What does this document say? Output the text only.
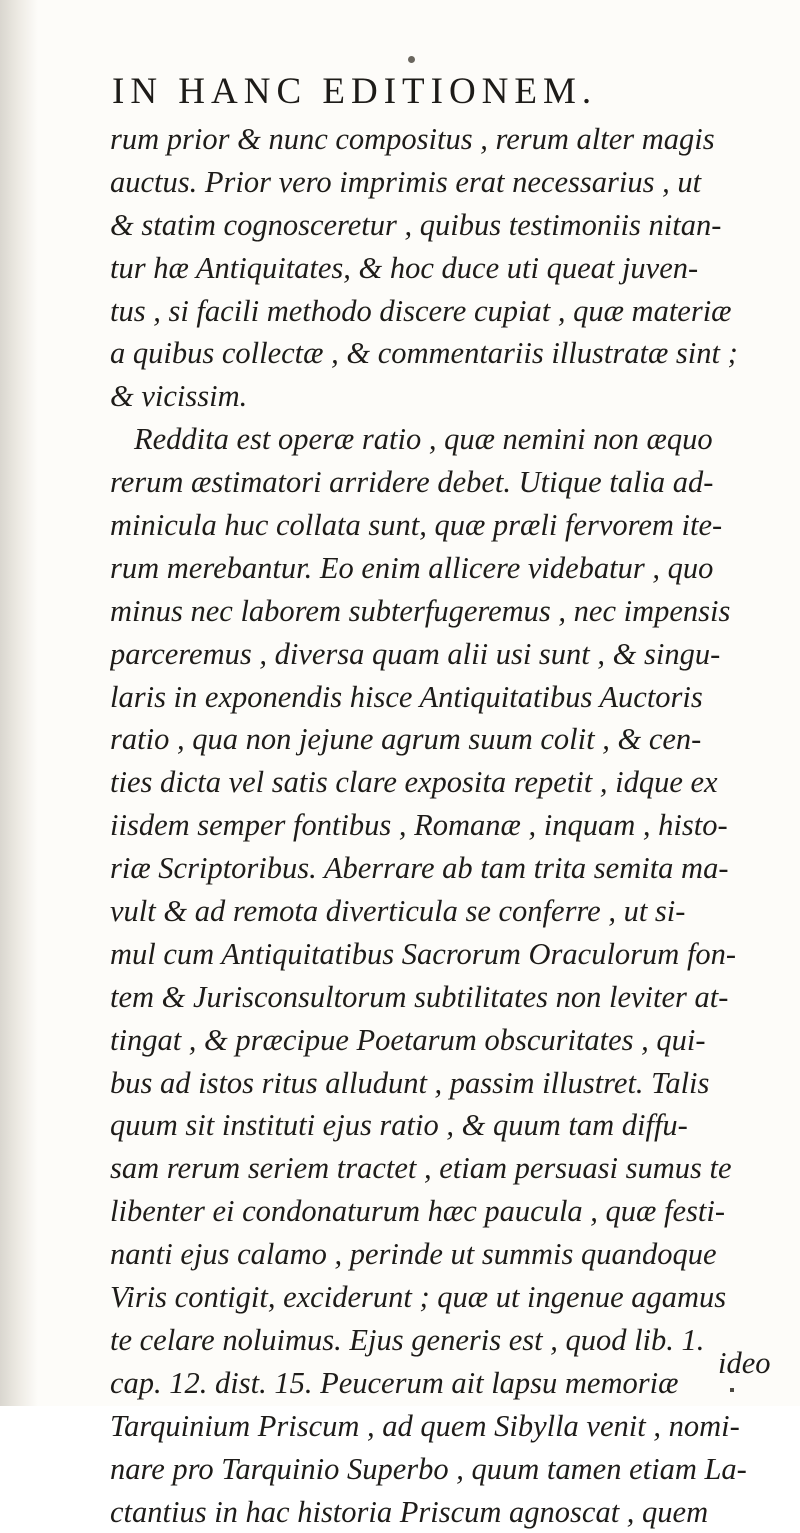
IN HANC EDITIONEM.
rum prior & nunc compositus , rerum alter magis
auctus. Prior vero imprimis erat necessarius , ut
& statim cognosceretur , quibus testimoniis nitan-
tur hæ Antiquitates, & hoc duce uti queat juven-
tus , si facili methodo discere cupiat , quæ materiæ
a quibus collectæ , & commentariis illustratæ sint ;
& vicissim.
Reddita est operæ ratio , quæ nemini non æquo
rerum æstimatori arridere debet. Utique talia ad-
minicula huc collata sunt, quæ præli fervorem ite-
rum merebantur. Eo enim allicere videbatur , quo
minus nec laborem subterfugeremus , nec impensis
parceremus , diversa quam alii usi sunt , & singu-
laris in exponendis hisce Antiquitatibus Auctoris
ratio , qua non jejune agrum suum colit , & cen-
ties dicta vel satis clare exposita repetit , idque ex
iisdem semper fontibus , Romanæ , inquam , histo-
riæ Scriptoribus. Aberrare ab tam trita semita ma-
vult & ad remota diverticula se conferre , ut si-
mul cum Antiquitatibus Sacrorum Oraculorum fon-
tem & Jurisconsultorum subtilitates non leviter at-
tingat , & præcipue Poetarum obscuritates , qui-
bus ad istos ritus alludunt , passim illustret. Talis
quum sit instituti ejus ratio , & quum tam diffu-
sam rerum seriem tractet , etiam persuasi sumus te
libenter ei condonaturum hæc paucula , quæ festi-
nanti ejus calamo , perinde ut summis quandoque
Viris contigit, exciderunt ; quæ ut ingenue agamus
te celare noluimus. Ejus generis est , quod lib. 1.
cap. 12. dist. 15. Peucerum ait lapsu memoriæ
Tarquinium Priscum , ad quem Sibylla venit , nomi-
nare pro Tarquinio Superbo , quum tamen etiam La-
ctantius in hac historia Priscum agnoscat , quem
ideo
